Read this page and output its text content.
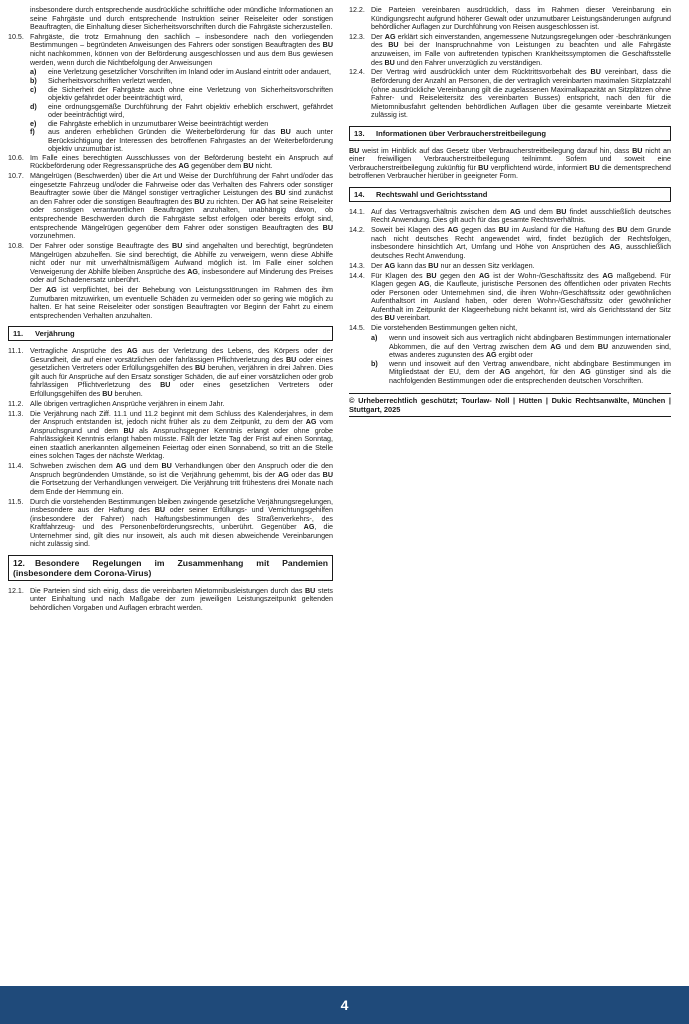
insbesondere durch entsprechende ausdrückliche schriftliche oder mündliche Informationen an seine Fahrgäste und durch entsprechende Instruktion seiner Reiseleiter oder sonstigen Beauftragten, die Einhaltung dieser Sicherheitsvorschriften durch die Fahrgäste sicherzustellen.
10.5. Fahrgäste, die trotz Ermahnung den sachlich – insbesondere nach den vorliegenden Bestimmungen – begründeten Anweisungen des Fahrers oder sonstigen Beauftragten des BU nicht nachkommen, können von der Beförderung ausgeschlossen und aus dem Bus gewiesen werden, wenn durch die Nichtbefolgung der Anweisungen
a)	eine Verletzung gesetzlicher Vorschriften im Inland oder im Ausland eintritt oder andauert,
b)	Sicherheitsvorschriften verletzt werden,
c)	die Sicherheit der Fahrgäste auch ohne eine Verletzung von Sicherheitsvorschriften objektiv gefährdet oder beeinträchtigt wird,
d)	eine ordnungsgemäße Durchführung der Fahrt objektiv erheblich erschwert, gefährdet oder beeinträchtigt wird,
e)	die Fahrgäste erheblich in unzumutbarer Weise beeinträchtigt werden
f)	aus anderen erheblichen Gründen die Weiterbeförderung für das BU auch unter Berücksichtigung der Interessen des betroffenen Fahrgastes an der Weiterbeförderung objektiv unzumutbar ist.
10.6. Im Falle eines berechtigten Ausschlusses von der Beförderung besteht ein Anspruch auf Rückbeförderung oder Regressansprüche des AG gegenüber dem BU nicht.
10.7. Mängelrügen (Beschwerden) über die Art und Weise der Durchführung der Fahrt und/oder das eingesetzte Fahrzeug und/oder die Fahrweise oder das Verhalten des Fahrers oder sonstiger Beauftragter sowie über die Mängel sonstiger vertraglicher Leistungen des BU sind zunächst an den Fahrer oder die sonstigen Beauftragten des BU zu richten. Der AG hat seine Reiseleiter oder sonstigen verantwortlichen Beauftragten anzuhalten, unabhängig davon, ob entsprechende Beschwerden durch die Fahrgäste selbst erfolgen oder bereits erfolgt sind, entsprechende Mängelrügen gegenüber dem Fahrer oder sonstigen Beauftragten des BU vorzunehmen.
10.8. Der Fahrer oder sonstige Beauftragte des BU sind angehalten und berechtigt, begründeten Mängelrügen abzuhelfen. Sie sind berechtigt, die Abhilfe zu verweigern, wenn diese Abhilfe nicht oder nur mit unverhältnismäßigem Aufwand möglich ist. Im Falle einer solchen Verweigerung der Abhilfe bleiben Ansprüche des AG, insbesondere auf Minderung des Preises oder auf Schadenersatz unberührt.
Der AG ist verpflichtet, bei der Behebung von Leistungsstörungen im Rahmen des ihm Zumutbaren mitzuwirken, um eventuelle Schäden zu vermeiden oder so gering wie möglich zu halten. Er hat seine Reiseleiter oder sonstigen Beauftragten vor Beginn der Fahrt zu einem entsprechenden Verhalten anzuhalten.
11. Verjährung
11.1. Vertragliche Ansprüche des AG aus der Verletzung des Lebens, des Körpers oder der Gesundheit, die auf einer vorsätzlichen oder fahrlässigen Pflichtverletzung des BU oder eines gesetzlichen Vertreters oder Erfüllungsgehilfen des BU beruhen, verjähren in drei Jahren. Dies gilt auch für Ansprüche auf den Ersatz sonstiger Schäden, die auf einer vorsätzlichen oder grob fahrlässigen Pflichtverletzung des BU oder eines gesetzlichen Vertreters oder Erfüllungsgehilfen des BU beruhen.
11.2. Alle übrigen vertraglichen Ansprüche verjähren in einem Jahr.
11.3. Die Verjährung nach Ziff. 11.1 und 11.2 beginnt mit dem Schluss des Kalenderjahres, in dem der Anspruch entstanden ist, jedoch nicht früher als zu dem Zeitpunkt, zu dem der AG vom Anspruchsgrund und dem BU als Anspruchsgegner Kenntnis erlangt oder ohne grobe Fahrlässigkeit Kenntnis erlangt haben müsste. Fällt der letzte Tag der Frist auf einen Sonntag, einen staatlich anerkannten allgemeinen Feiertag oder einen Sonnabend, so tritt an die Stelle eines solchen Tages der nächste Werktag.
11.4. Schweben zwischen dem AG und dem BU Verhandlungen über den Anspruch oder die den Anspruch begründenden Umstände, so ist die Verjährung gehemmt, bis der AG oder das BU die Fortsetzung der Verhandlungen verweigert. Die Verjährung tritt frühestens drei Monate nach dem Ende der Hemmung ein.
11.5. Durch die vorstehenden Bestimmungen bleiben zwingende gesetzliche Verjährungsregelungen, insbesondere aus der Haftung des BU oder seiner Erfüllungs- und Verrichtungsgehilfen (insbesondere der Fahrer) nach Haftungsbestimmungen des Straßenverkehrs-, des Kraftfahrzeug- und des Personenbeförderungsrechts, unberührt. Gegenüber AG, die Unternehmer sind, gilt dies nur insoweit, als auch mit diesen abweichende Vereinbarungen nicht zulässig sind.
12. Besondere Regelungen im Zusammenhang mit Pandemien (insbesondere dem Corona-Virus)
12.1. Die Parteien sind sich einig, dass die vereinbarten Mietomnibusleistungen durch das BU stets unter Einhaltung und nach Maßgabe der zum jeweiligen Leistungszeitpunkt geltenden behördlichen Vorgaben und Auflagen erbracht werden.
12.2. Die Parteien vereinbaren ausdrücklich, dass im Rahmen dieser Vereinbarung ein Kündigungsrecht aufgrund höherer Gewalt oder unzumutbarer Leistungsänderungen aufgrund behördlicher Auflagen zur Durchführung von Reisen ausgeschlossen ist.
12.3. Der AG erklärt sich einverstanden, angemessene Nutzungsregelungen oder -beschränkungen des BU bei der Inanspruchnahme von Leistungen zu beachten und alle Fahrgäste anzuweisen, im Falle von auftretenden typischen Krankheitssymptomen die Geschäftsstelle des BU und den Fahrer unverzüglich zu verständigen.
12.4. Der Vertrag wird ausdrücklich unter dem Rücktrittsvorbehalt des BU vereinbart, dass die Beförderung der Anzahl an Personen, die der vertraglich vereinbarten maximalen Sitzplatzzahl (ohne ausdrückliche Vereinbarung gilt die zugelassenen Maximalkapazität an Sitzplätzen ohne Fahrer- und Reiseleitersitz des vereinbarten Busses) entspricht, nach den für die Mietomnibusfahrt geltenden behördlichen Auflagen über die gesamte vereinbarte Mietzeit zulässig ist.
13. Informationen über Verbraucherstreitbeilegung
BU weist im Hinblick auf das Gesetz über Verbraucherstreitbeilegung darauf hin, dass BU nicht an einer freiwilligen Verbraucherstreitbeilegung teilnimmt. Sofern und soweit eine Verbraucherstreitbeilegung zukünftig für BU verpflichtend würde, informiert BU die dementsprechend betroffenen Verbraucher hierüber in geeigneter Form.
14. Rechtswahl und Gerichtsstand
14.1. Auf das Vertragsverhältnis zwischen dem AG und dem BU findet ausschließlich deutsches Recht Anwendung. Dies gilt auch für das gesamte Rechtsverhältnis.
14.2. Soweit bei Klagen des AG gegen das BU im Ausland für die Haftung des BU dem Grunde nach nicht deutsches Recht angewendet wird, findet bezüglich der Rechtsfolgen, insbesondere hinsichtlich Art, Umfang und Höhe von Ansprüchen des AG, ausschließlich deutsches Recht Anwendung.
14.3. Der AG kann das BU nur an dessen Sitz verklagen.
14.4. Für Klagen des BU gegen den AG ist der Wohn-/Geschäftssitz des AG maßgebend. Für Klagen gegen AG, die Kaufleute, juristische Personen des öffentlichen oder privaten Rechts oder Personen oder Unternehmen sind, die ihren Wohn-/Geschäftssitz oder gewöhnlichen Aufenthaltsort im Ausland haben, oder deren Wohn-/Geschäftssitz oder gewöhnlicher Aufenthalt im Zeitpunkt der Klageerhebung nicht bekannt ist, wird als Gerichtsstand der Sitz des BU vereinbart.
14.5. Die vorstehenden Bestimmungen gelten nicht,
a)	wenn und insoweit sich aus vertraglich nicht abdingbaren Bestimmungen internationaler Abkommen, die auf den Vertrag zwischen dem AG und dem BU anzuwenden sind, etwas anderes zugunsten des AG ergibt oder
b)	wenn und insoweit auf den Vertrag anwendbare, nicht abdingbare Bestimmungen im Mitgliedstaat der EU, dem der AG angehört, für den AG günstiger sind als die nachfolgenden Bestimmungen oder die entsprechenden deutschen Vorschriften.
© Urheberrechtlich geschützt; Tourlaw- Noll | Hütten | Dukic Rechtsanwälte, München | Stuttgart, 2025
4
